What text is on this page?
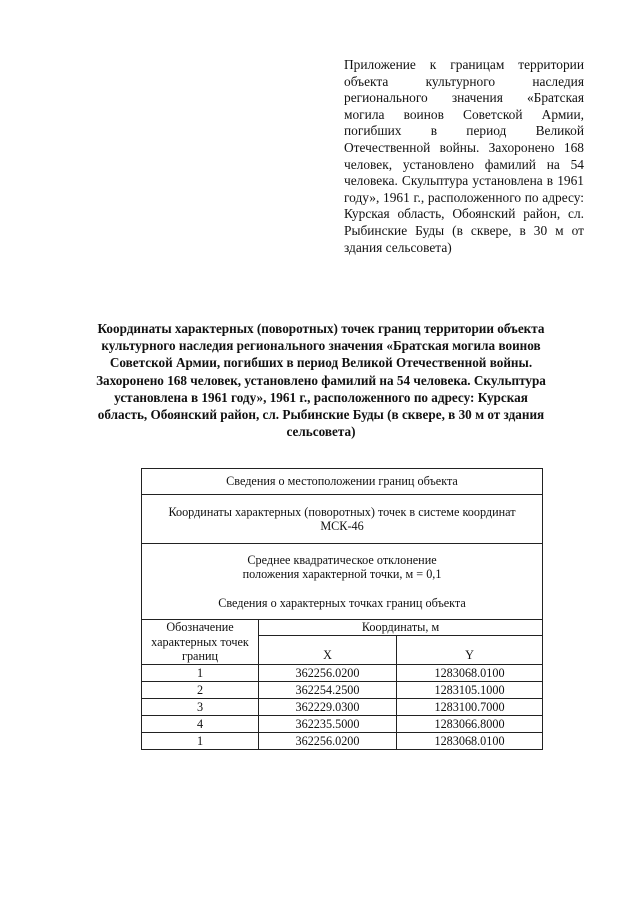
Приложение к границам территории объекта культурного наследия регионального значения «Братская могила воинов Советской Армии, погибших в период Великой Отечественной войны. Захоронено 168 человек, установлено фамилий на 54 человека. Скульптура установлена в 1961 году», 1961 г., расположенного по адресу: Курская область, Обоянский район, сл. Рыбинские Буды (в сквере, в 30 м от здания сельсовета)
Координаты характерных (поворотных) точек границ территории объекта культурного наследия регионального значения «Братская могила воинов Советской Армии, погибших в период Великой Отечественной войны. Захоронено 168 человек, установлено фамилий на 54 человека. Скульптура установлена в 1961 году», 1961 г., расположенного по адресу: Курская область, Обоянский район, сл. Рыбинские Буды (в сквере, в 30 м от здания сельсовета)
Сведения о местоположении границ объекта		
Координаты характерных (поворотных) точек в системе координат МСК-46		
Среднее квадратическое отклонение
положения характерной точки, м = 0,1
Сведения о характерных точках границ объекта		
Обозначение характерных точек границ	Координаты, м	

	X	Y

1	362256.0200	1283068.0100
2	362254.2500	1283105.1000
3	362229.0300	1283100.7000
4	362235.5000	1283066.8000
1	362256.0200	1283068.0100
